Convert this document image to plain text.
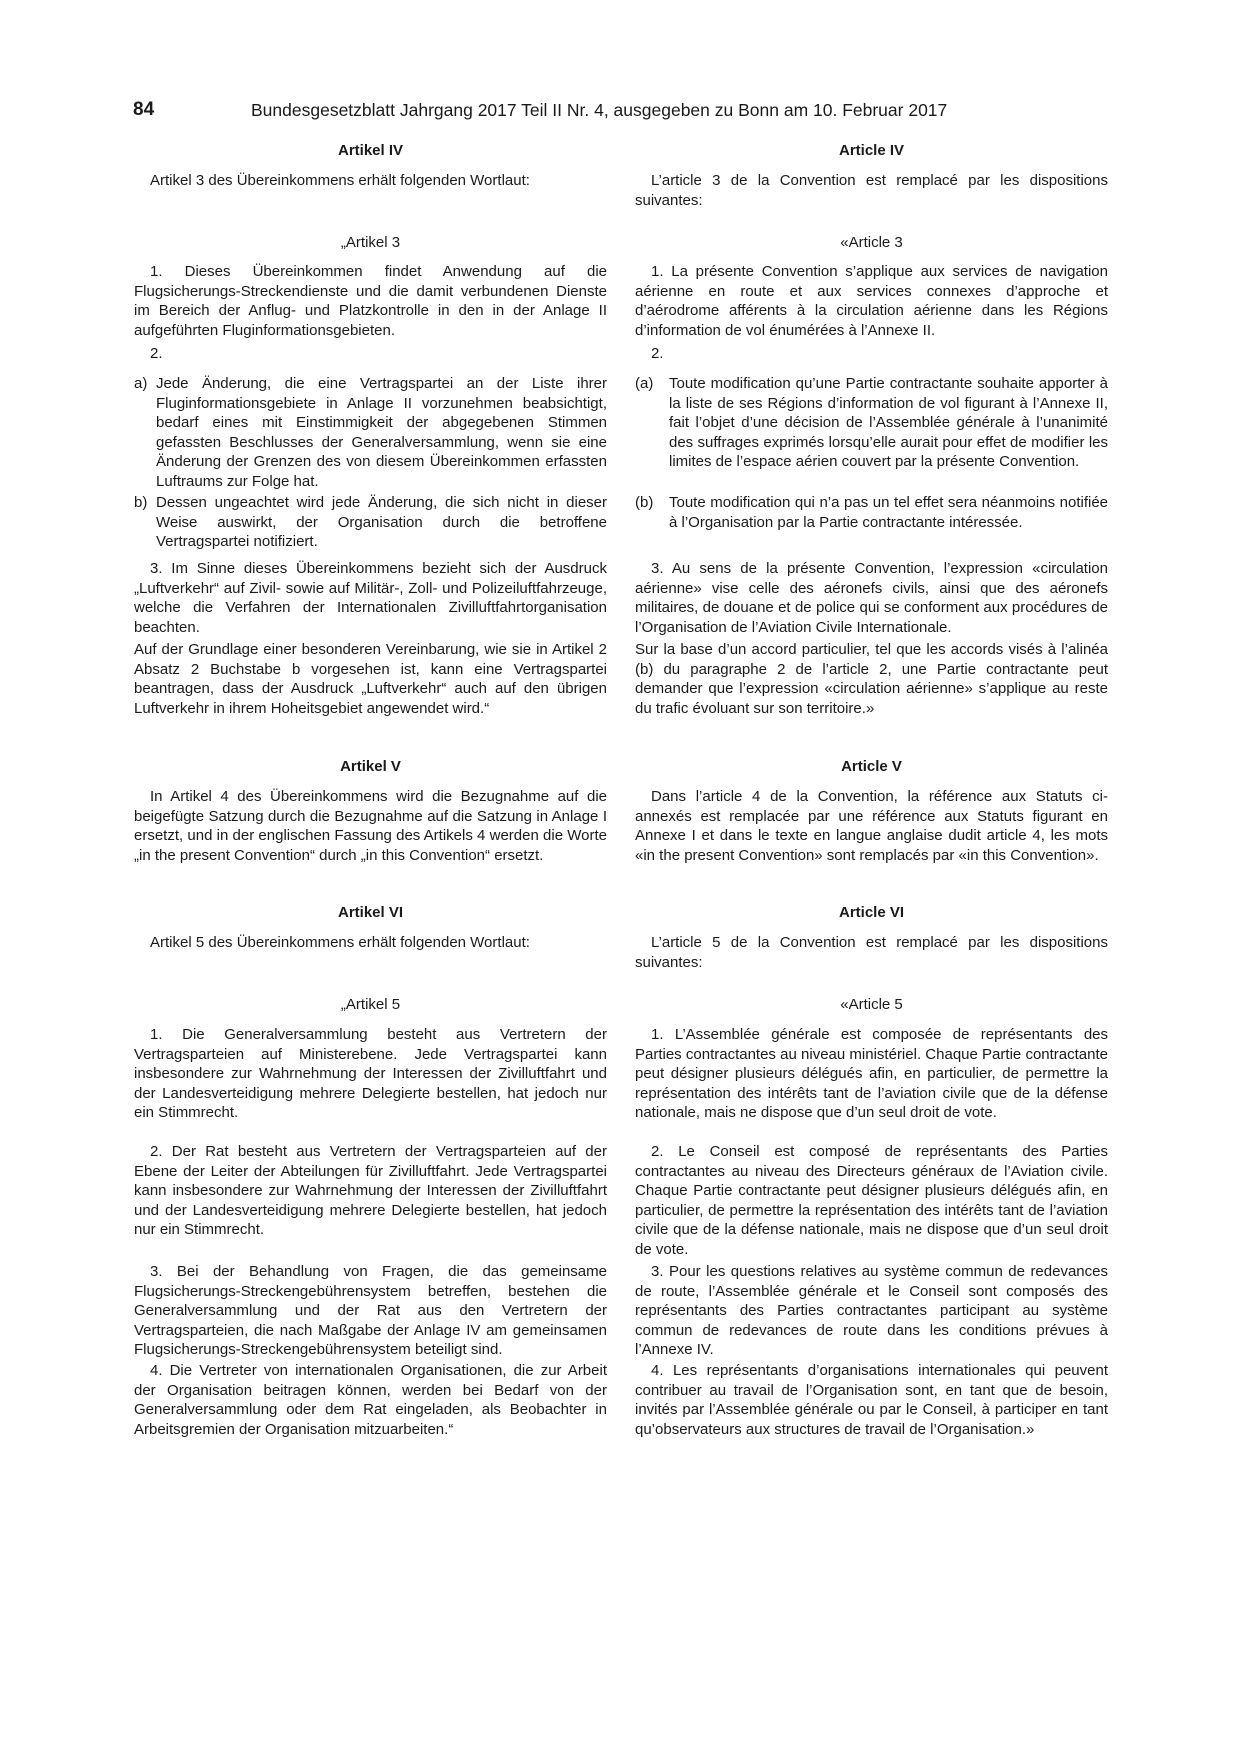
84	Bundesgesetzblatt Jahrgang 2017 Teil II Nr. 4, ausgegeben zu Bonn am 10. Februar 2017

Artikel IV

Artikel 3 des Übereinkommens erhält folgenden Wortlaut:

„Artikel 3

1. Dieses Übereinkommen findet Anwendung auf die Flugsicherungs-Streckendienste und die damit verbundenen Dienste im Bereich der Anflug- und Platzkontrolle in den in der Anlage II aufgeführten Fluginformationsgebieten.

2.

a) Jede Änderung, die eine Vertragspartei an der Liste ihrer Fluginformationsgebiete in Anlage II vorzunehmen beabsichtigt, bedarf eines mit Einstimmigkeit der abgegebenen Stimmen gefassten Beschlusses der Generalversammlung, wenn sie eine Änderung der Grenzen des von diesem Übereinkommen erfassten Luftraums zur Folge hat.
b) Dessen ungeachtet wird jede Änderung, die sich nicht in dieser Weise auswirkt, der Organisation durch die betroffene Vertragspartei notifiziert.

3. Im Sinne dieses Übereinkommens bezieht sich der Ausdruck „Luftverkehr“ auf Zivil- sowie auf Militär-, Zoll- und Polizeiluftfahrzeuge, welche die Verfahren der Internationalen Zivilluftfahrtorganisation beachten.

Auf der Grundlage einer besonderen Vereinbarung, wie sie in Artikel 2 Absatz 2 Buchstabe b vorgesehen ist, kann eine Vertragspartei beantragen, dass der Ausdruck „Luftverkehr“ auch auf den übrigen Luftverkehr in ihrem Hoheitsgebiet angewendet wird.“

Artikel V

In Artikel 4 des Übereinkommens wird die Bezugnahme auf die beigefügte Satzung durch die Bezugnahme auf die Satzung in Anlage I ersetzt, und in der englischen Fassung des Artikels 4 werden die Worte „in the present Convention“ durch „in this Convention“ ersetzt.

Artikel VI

Artikel 5 des Übereinkommens erhält folgenden Wortlaut:

„Artikel 5

1. Die Generalversammlung besteht aus Vertretern der Vertragsparteien auf Ministerebene. Jede Vertragspartei kann insbesondere zur Wahrnehmung der Interessen der Zivilluftfahrt und der Landesverteidigung mehrere Delegierte bestellen, hat jedoch nur ein Stimmrecht.

2. Der Rat besteht aus Vertretern der Vertragsparteien auf der Ebene der Leiter der Abteilungen für Zivilluftfahrt. Jede Vertragspartei kann insbesondere zur Wahrnehmung der Interessen der Zivilluftfahrt und der Landesverteidigung mehrere Delegierte bestellen, hat jedoch nur ein Stimmrecht.

3. Bei der Behandlung von Fragen, die das gemeinsame Flugsicherungs-Streckengebührensystem betreffen, bestehen die Generalversammlung und der Rat aus den Vertretern der Vertragsparteien, die nach Maßgabe der Anlage IV am gemeinsamen Flugsicherungs-Streckengebührensystem beteiligt sind.

4. Die Vertreter von internationalen Organisationen, die zur Arbeit der Organisation beitragen können, werden bei Bedarf von der Generalversammlung oder dem Rat eingeladen, als Beobachter in Arbeitsgremien der Organisation mitzuarbeiten.“

Article IV

L’article 3 de la Convention est remplacé par les dispositions suivantes:

«Article 3

1. La présente Convention s’applique aux services de navigation aérienne en route et aux services connexes d’approche et d’aérodrome afférents à la circulation aérienne dans les Régions d’information de vol énumérées à l’Annexe II.

2.

(a)	Toute modification qu’une Partie contractante souhaite apporter à la liste de ses Régions d’information de vol figurant à l’Annexe II, fait l’objet d’une décision de l’Assemblée générale à l’unanimité des suffrages exprimés lorsqu’elle aurait pour effet de modifier les limites de l’espace aérien couvert par la présente Convention.
(b)	Toute modification qui n’a pas un tel effet sera néanmoins notifiée à l’Organisation par la Partie contractante intéressée.

3. Au sens de la présente Convention, l’expression «circulation aérienne» vise celle des aéronefs civils, ainsi que des aéronefs militaires, de douane et de police qui se conforment aux procédures de l’Organisation de l’Aviation Civile Internationale.

Sur la base d’un accord particulier, tel que les accords visés à l’alinéa (b) du paragraphe 2 de l’article 2, une Partie contractante peut demander que l’expression «circulation aérienne» s’applique au reste du trafic évoluant sur son territoire.»

Article V

Dans l’article 4 de la Convention, la référence aux Statuts ci-annexés est remplacée par une référence aux Statuts figurant en Annexe I et dans le texte en langue anglaise dudit article 4, les mots «in the present Convention» sont remplacés par «in this Convention».

Article VI

L’article 5 de la Convention est remplacé par les dispositions suivantes:

«Article 5

1. L’Assemblée générale est composée de représentants des Parties contractantes au niveau ministériel. Chaque Partie contractante peut désigner plusieurs délégués afin, en particulier, de permettre la représentation des intérêts tant de l’aviation civile que de la défense nationale, mais ne dispose que d’un seul droit de vote.

2. Le Conseil est composé de représentants des Parties contractantes au niveau des Directeurs généraux de l’Aviation civile. Chaque Partie contractante peut désigner plusieurs délégués afin, en particulier, de permettre la représentation des intérêts tant de l’aviation civile que de la défense nationale, mais ne dispose que d’un seul droit de vote.

3. Pour les questions relatives au système commun de redevances de route, l’Assemblée générale et le Conseil sont composés des représentants des Parties contractantes participant au système commun de redevances de route dans les conditions prévues à l’Annexe IV.

4. Les représentants d’organisations internationales qui peuvent contribuer au travail de l’Organisation sont, en tant que de besoin, invités par l’Assemblée générale ou par le Conseil, à participer en tant qu’observateurs aux structures de travail de l’Organisation.»
